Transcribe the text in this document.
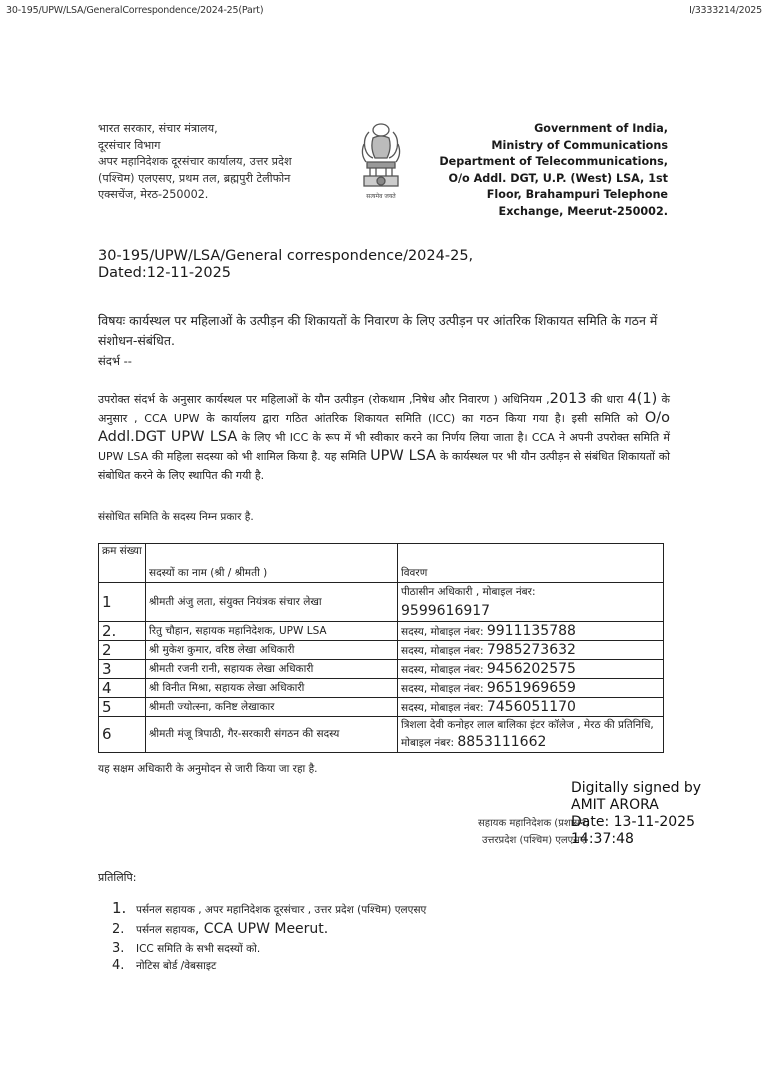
30-195/UPW/LSA/GeneralCorrespondence/2024-25(Part)	I/3333214/2025
भारत सरकार, संचार मंत्रालय,
दूरसंचार विभाग
अपर महानिदेशक दूरसंचार कार्यालय, उत्तर प्रदेश
(पश्चिम) एलएसए, प्रथम तल, ब्रह्मपुरी टेलीफोन
एक्सचेंज, मेरठ-250002.	सत्यमेव जयते
Government of India,
Ministry of Communications
Department of Telecommunications,
O/o Addl. DGT, U.P. (West) LSA, 1st
Floor, Brahampuri Telephone
Exchange, Meerut-250002.
30-195/UPW/LSA/General correspondence/2024-25,
Dated:12-11-2025
विषयः कार्यस्थल पर महिलाओं के उत्पीड़न की शिकायतों के निवारण के लिए उत्पीड़न पर आंतरिक शिकायत समिति के गठन में संशोधन-संबंधित.
संदर्भ --
उपरोक्त संदर्भ के अनुसार कार्यस्थल पर महिलाओं के यौन उत्पीड़न (रोकथाम ,निषेध और निवारण ) अधिनियम ,2013 की धारा 4(1) के अनुसार , CCA UPW के कार्यालय द्वारा गठित आंतरिक शिकायत समिति (ICC) का गठन किया गया है। इसी समिति को O/o Addl.DGT UPW LSA के लिए भी ICC के रूप में भी स्वीकार करने का निर्णय लिया जाता है। CCA ने अपनी उपरोक्त समिति में UPW LSA की महिला सदस्या को भी शामिल किया है. यह समिति UPW LSA के कार्यस्थल पर भी यौन उत्पीड़न से संबंधित शिकायतों को संबोधित करने के लिए स्थापित की गयी है.
संसोधित समिति के सदस्य निम्न प्रकार है.
क्रम संख्‍या	सदस्यों का नाम (श्री / श्रीमती )	विवरण
1	श्रीमती अंजु लता, संयुक्त नियंत्रक संचार लेखा	पीठासीन अधिकारी , मोबाइल नंबर:
9599616917

2.	रितु चौहान, सहायक महानिदेशक, UPW LSA	सदस्य, मोबाइल नंबर: 9911135788
2	श्री मुकेश कुमार, वरिष्ठ लेखा अधिकारी	सदस्य, मोबाइल नंबर: 7985273632
3	श्रीमती रजनी रानी, सहायक लेखा अधिकारी	सदस्य, मोबाइल नंबर: 9456202575
4	श्री विनीत मिश्रा, सहायक लेखा अधिकारी	सदस्य, मोबाइल नंबर: 9651969659
5	श्रीमती ज्योत्स्ना, कनिष्ट लेखाकार	सदस्य, मोबाइल नंबर: 7456051170
6	श्रीमती मंजू त्रिपाठी, गैर-सरकारी संगठन की सदस्य	त्रिशला देवी कनोहर लाल बालिका इंटर कॉलेज , मेरठ की प्रतिनिधि, मोबाइल नंबर: 8853111662
यह सक्षम अधिकारी के अनुमोदन से जारी किया जा रहा है.
सहायक महानिदेशक (प्रशासन)
उत्तरप्रदेश (पश्चिम) एलएसए
Digitally signed by
AMIT ARORA
Date: 13-11-2025
14:37:48
प्रतिलिपि:
1. पर्सनल सहायक , अपर महानिदेशक दूरसंचार , उत्तर प्रदेश (पश्चिम) एलएसए
2.	पर्सनल सहायक , CCA UPW Meerut.
3.	ICC समिति के सभी सदस्यों को.
4.	नोटिस बोर्ड /वेबसाइट
